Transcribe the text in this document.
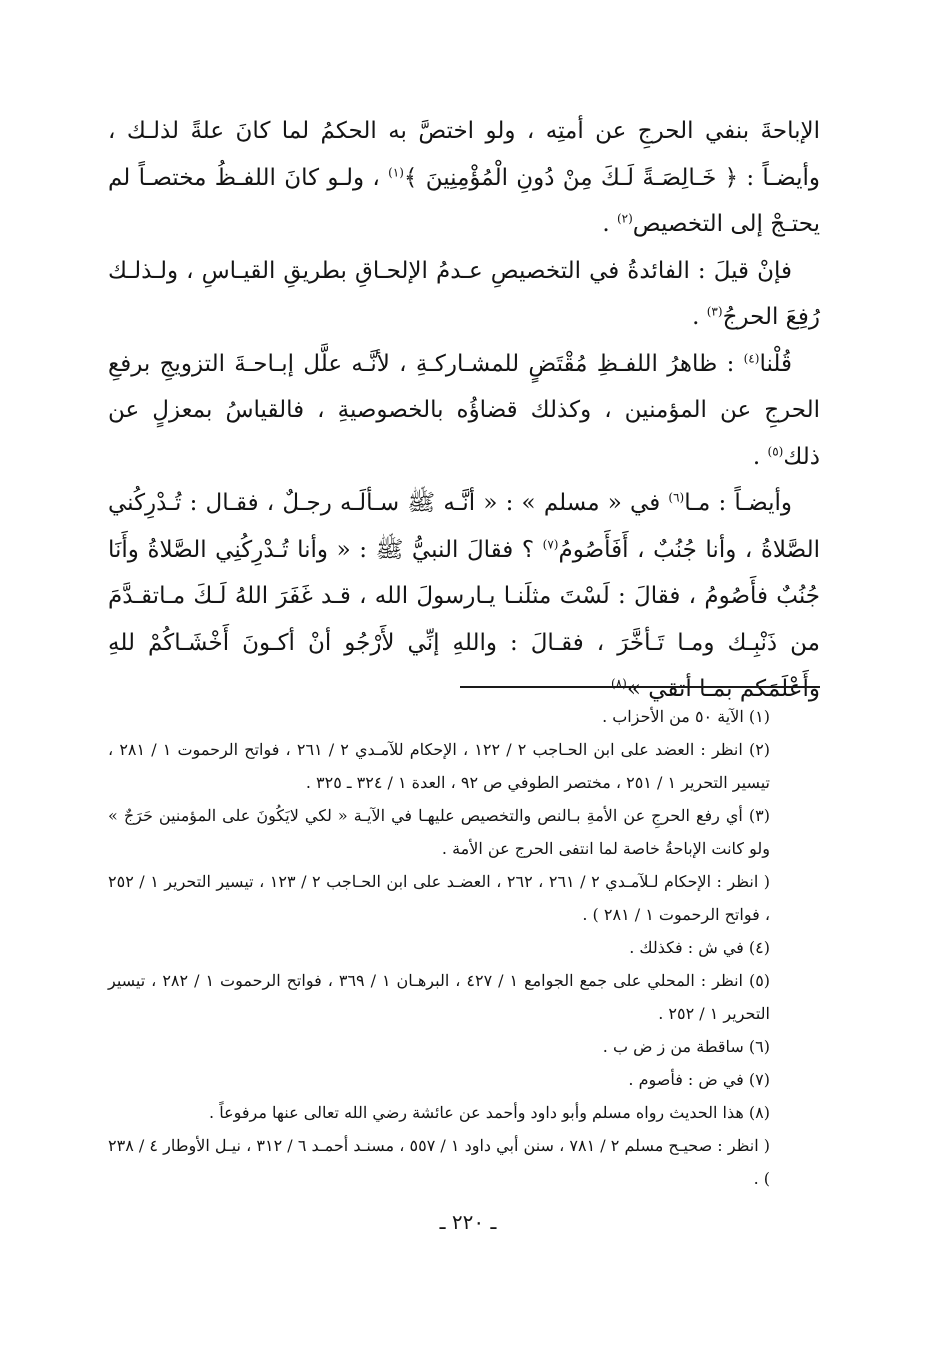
الإباحةَ بنفي الحرجِ عن أمتِه ، ولو اختصَّ به الحكمُ لما كانَ علةً لذلـك ، وأيضـاً : ﴿ خَـالِصَـةً لَـكَ مِنْ دُونِ الْمُؤْمِنِينَ ﴾$^{(١)}$ ، ولـو كانَ اللفـظُ مختصـاً لم يحتـجْ إلى التخصيص$^{(٢)}$ .

فإنْ قيلَ : الفائدةُ في التخصيصِ عـدمُ الإلحـاقِ بطريقِ القيـاسِ ، ولـذلـك رُفِعَ الحرجُ$^{(٣)}$ .

قُلْنا$^{(٤)}$ : ظاهرُ اللفـظِ مُقْتَضٍ للمشـاركـةِ ، لأنَّـه علَّل إبـاحـةَ التزويجِ برفعِ الحرجِ عن المؤمنين ، وكذلك قضاؤُه بالخصوصيةِ ، فالقياسُ بمعزلٍ عن ذلك$^{(٥)}$ .

وأيضـاً : مـا$^{(٦)}$ في « مسلم » : « أنَّـه ﷺ سـألَـه رجـلٌ ، فقـال : تُـدْرِكُني الصَّلاةُ ، وأنا جُنُبٌ ، أَفَأَصُومُ$^{(٧)}$ ؟ فقالَ النبيُّ ﷺ : « وأنا تُـدْرِكُنِي الصَّلاةُ وأَنَا جُنُبٌ فأَصُومُ ، فقالَ : لَسْتَ مثلَنـا يـارسولَ الله ، قـد غَفَرَ اللهُ لَـكَ مـاتقـدَّمَ من ذَنْبِـك ومـا تَـأخَّرَ ، فقـالَ : واللهِ إنِّي لأَرْجُو أنْ أكـونَ أَخْشَـاكُمْ للهِ وأَعْلَمَكم بمـا أتقي »$^{(٨)}$

(١) الآية ٥٠ من الأحزاب .

(٢) انظر : العضد على ابن الحـاجب ٢ / ١٢٢ ، الإحكام للآمـدي ٢ / ٢٦١ ، فواتح الرحموت ١ / ٢٨١ ، تيسير التحرير ١ / ٢٥١ ، مختصر الطوفي ص ٩٢ ، العدة ١ / ٣٢٤ ـ ٣٢٥ .

(٣) أي رفع الحرجِ عن الأمةِ بـالنص والتخصيص عليهـا في الآيـة « لكي لايَكُونَ على المؤمنين حَرَجٌ » ولو كانت الإباحةُ خاصة لما انتفى الحرج عن الأمة .

( انظر : الإحكام لـلآمـدي ٢ / ٢٦١ ، ٢٦٢ ، العضـد على ابن الحـاجب ٢ / ١٢٣ ، تيسير التحرير ١ / ٢٥٢ ، فواتح الرحموت ١ / ٢٨١ ) .

(٤) في ش : فكذلك .

(٥) انظر : المحلي على جمع الجوامع ١ / ٤٢٧ ، البرهـان ١ / ٣٦٩ ، فواتح الرحموت ١ / ٢٨٢ ، تيسير التحرير ١ / ٢٥٢ .

(٦) ساقطة من ز ض ب .

(٧) في ض : فأصوم .

(٨) هذا الحديث رواه مسلم وأبو داود وأحمد عن عائشة رضي الله تعالى عنها مرفوعاً .

( انظر : صحيـح مسلم ٢ / ٧٨١ ، سنن أبي داود ١ / ٥٥٧ ، مسنـد أحمـد ٦ / ٣١٢ ، نيـل الأوطار ٤ / ٢٣٨ ) .

ـ ٢٢٠ ـ
